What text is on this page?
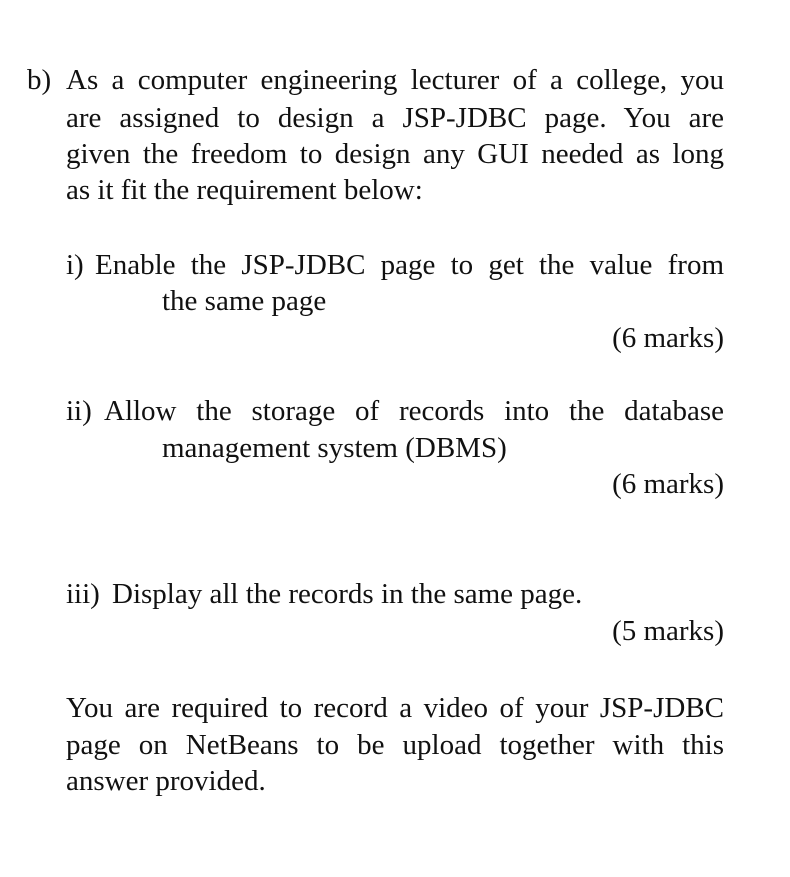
b) As a computer engineering lecturer of a college, you
are assigned to design a JSP-JDBC page. You are
given the freedom to design any GUI needed as long
as it fit the requirement below:
i) Enable the JSP-JDBC page to get the value from
the same page
(6 marks)
ii) Allow the storage of records into the database
management system (DBMS)
(6 marks)
iii) Display all the records in the same page.
(5 marks)
You are required to record a video of your JSP-JDBC
page on NetBeans to be upload together with this
answer provided.
